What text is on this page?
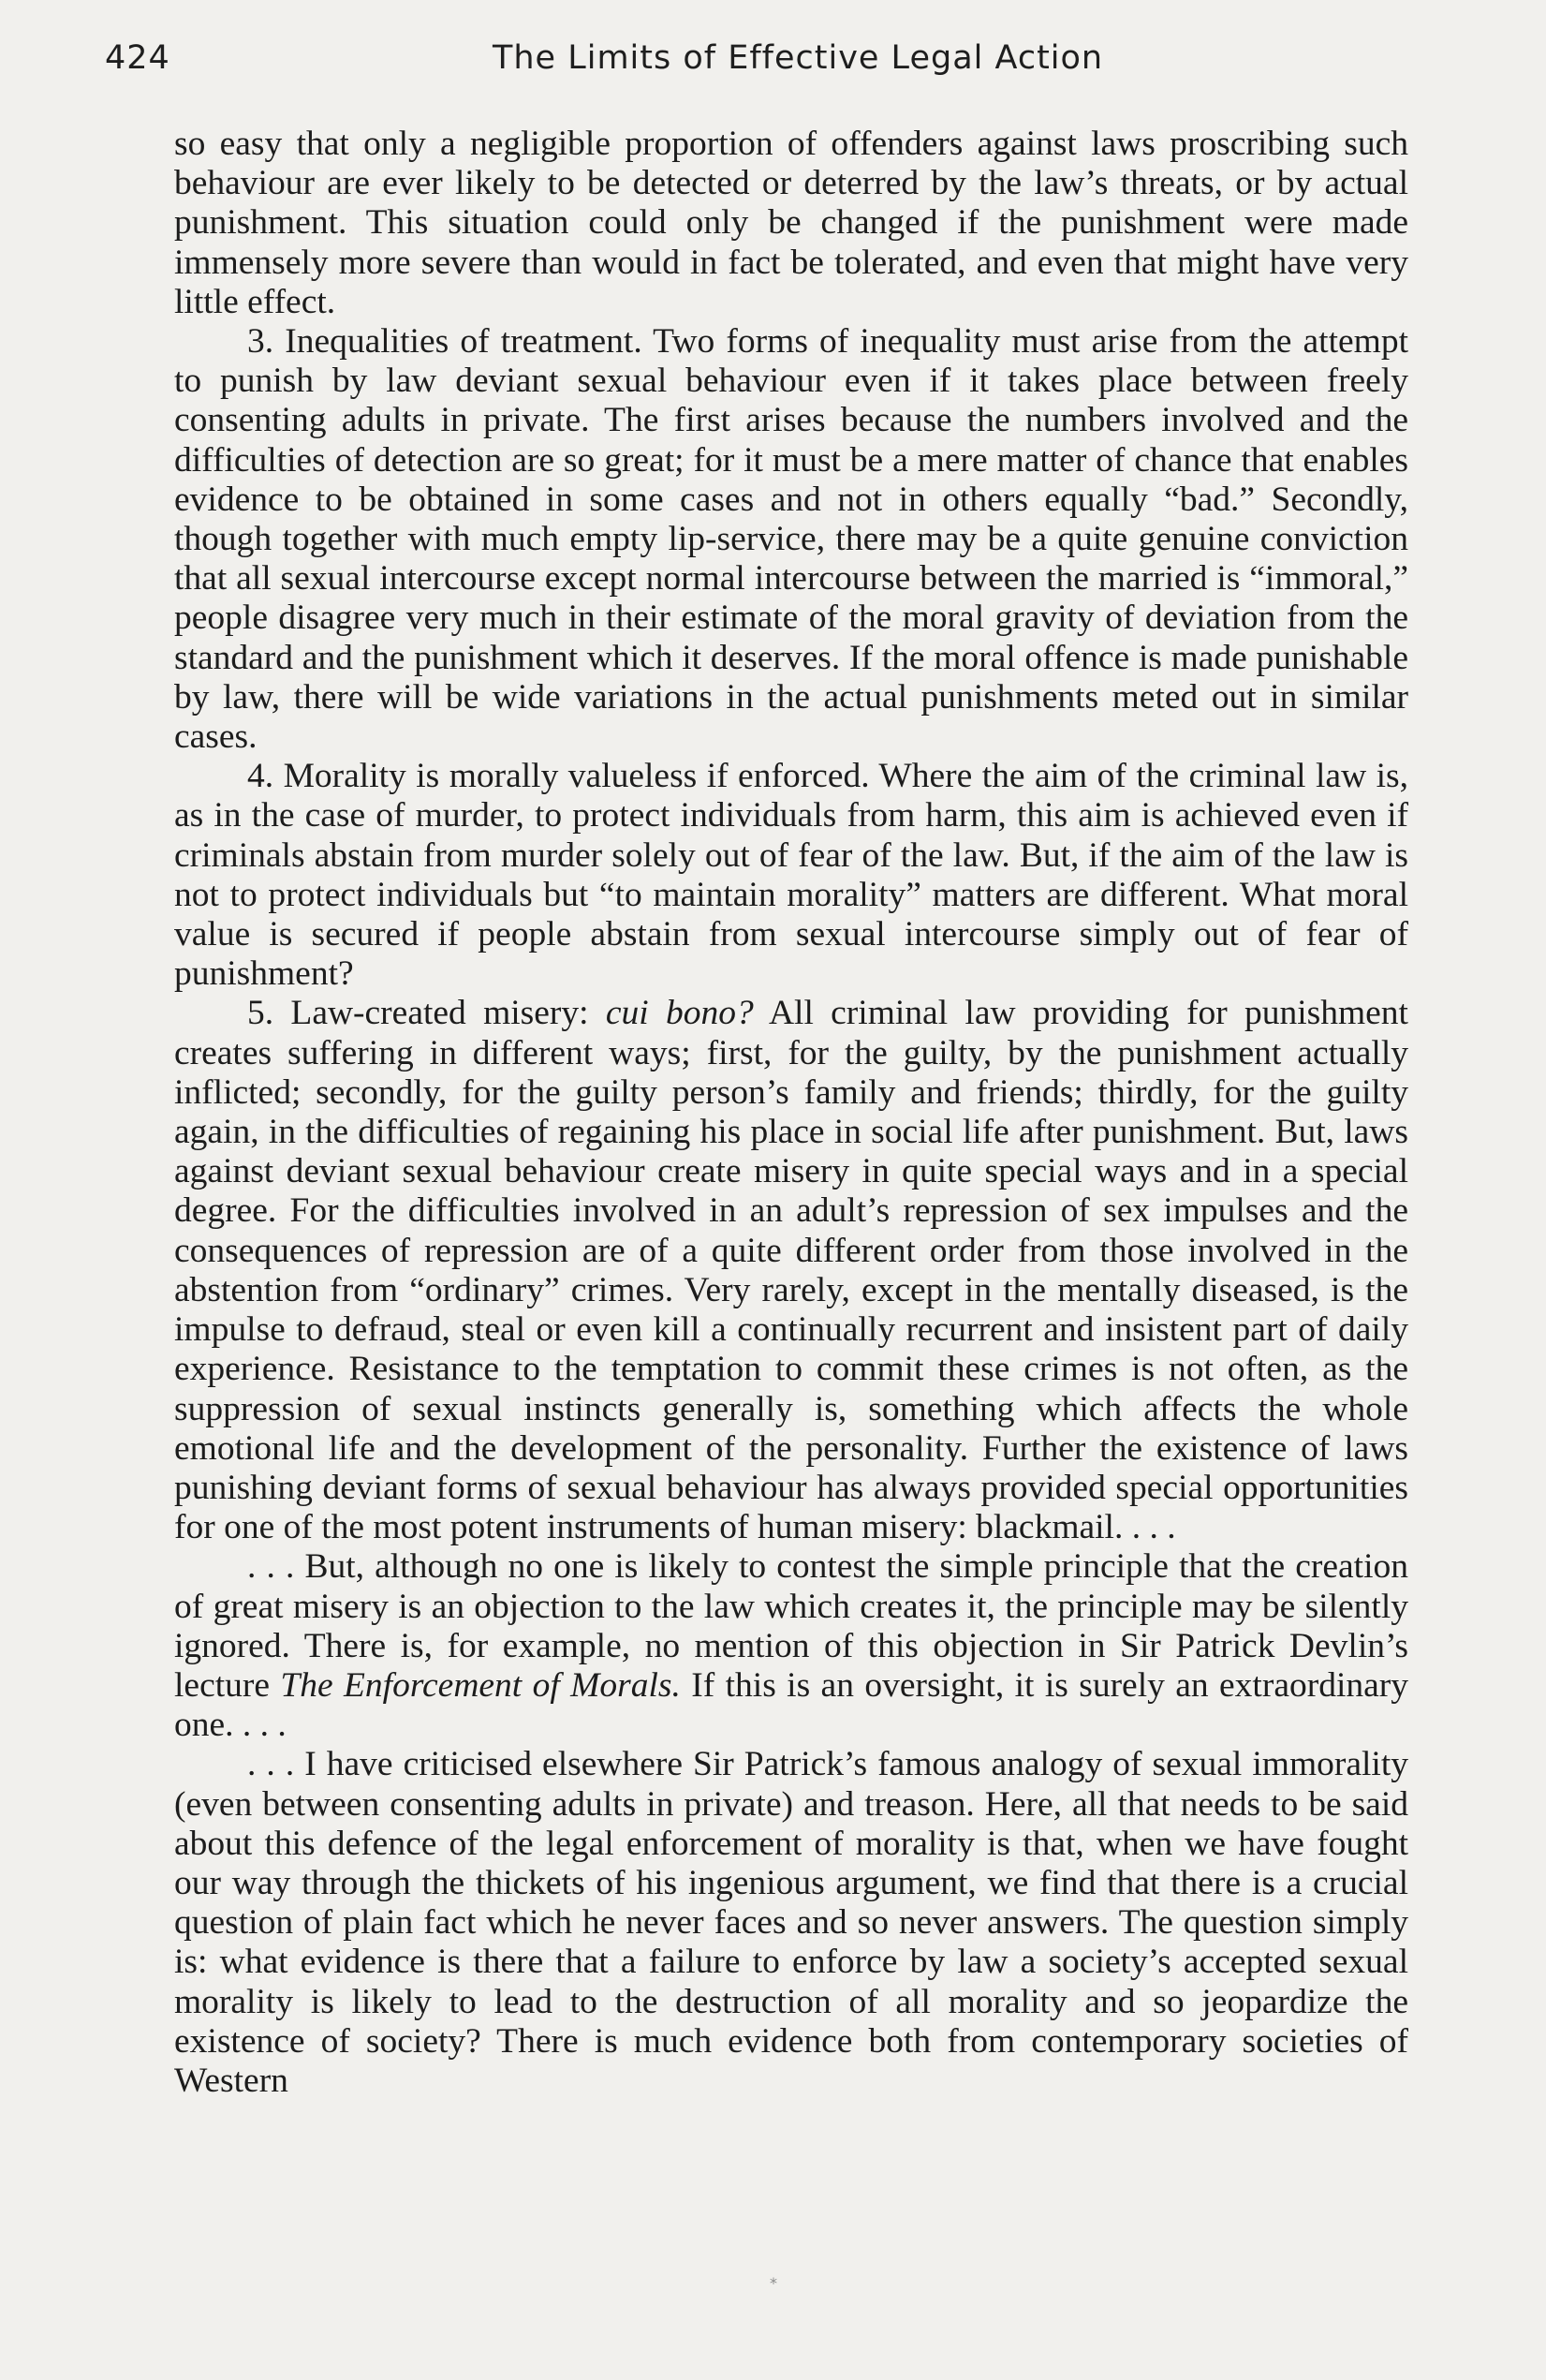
424	The Limits of Effective Legal Action

so easy that only a negligible proportion of offenders against laws proscribing such behaviour are ever likely to be detected or deterred by the law’s threats, or by actual punishment. This situation could only be changed if the punishment were made immensely more severe than would in fact be tolerated, and even that might have very little effect.

3. Inequalities of treatment. Two forms of inequality must arise from the attempt to punish by law deviant sexual behaviour even if it takes place between freely consenting adults in private. The first arises because the numbers involved and the difficulties of detection are so great; for it must be a mere matter of chance that enables evidence to be obtained in some cases and not in others equally “bad.” Secondly, though together with much empty lip-service, there may be a quite genuine conviction that all sexual intercourse except normal intercourse between the married is “immoral,” people disagree very much in their estimate of the moral gravity of deviation from the standard and the punishment which it deserves. If the moral offence is made punishable by law, there will be wide variations in the actual punishments meted out in similar cases.

4. Morality is morally valueless if enforced. Where the aim of the criminal law is, as in the case of murder, to protect individuals from harm, this aim is achieved even if criminals abstain from murder solely out of fear of the law. But, if the aim of the law is not to protect individuals but “to maintain morality” matters are different. What moral value is secured if people abstain from sexual intercourse simply out of fear of punishment?

5. Law-created misery: cui bono? All criminal law providing for punishment creates suffering in different ways; first, for the guilty, by the punishment actually inflicted; secondly, for the guilty person’s family and friends; thirdly, for the guilty again, in the difficulties of regaining his place in social life after punishment. But, laws against deviant sexual behaviour create misery in quite special ways and in a special degree. For the difficulties involved in an adult’s repression of sex impulses and the consequences of repression are of a quite different order from those involved in the abstention from “ordinary” crimes. Very rarely, except in the mentally diseased, is the impulse to defraud, steal or even kill a continually recurrent and insistent part of daily experience. Resistance to the temptation to commit these crimes is not often, as the suppression of sexual instincts generally is, something which affects the whole emotional life and the development of the personality. Further the existence of laws punishing deviant forms of sexual behaviour has always provided special opportunities for one of the most potent instruments of human misery: blackmail. . . .

. . . But, although no one is likely to contest the simple principle that the creation of great misery is an objection to the law which creates it, the principle may be silently ignored. There is, for example, no mention of this objection in Sir Patrick Devlin’s lecture The Enforcement of Morals. If this is an oversight, it is surely an extraordinary one. . . .

. . . I have criticised elsewhere Sir Patrick’s famous analogy of sexual immorality (even between consenting adults in private) and treason. Here, all that needs to be said about this defence of the legal enforcement of morality is that, when we have fought our way through the thickets of his ingenious argument, we find that there is a crucial question of plain fact which he never faces and so never answers. The question simply is: what evidence is there that a failure to enforce by law a society’s accepted sexual morality is likely to lead to the destruction of all morality and so jeopardize the existence of society? There is much evidence both from contemporary societies of Western

*
